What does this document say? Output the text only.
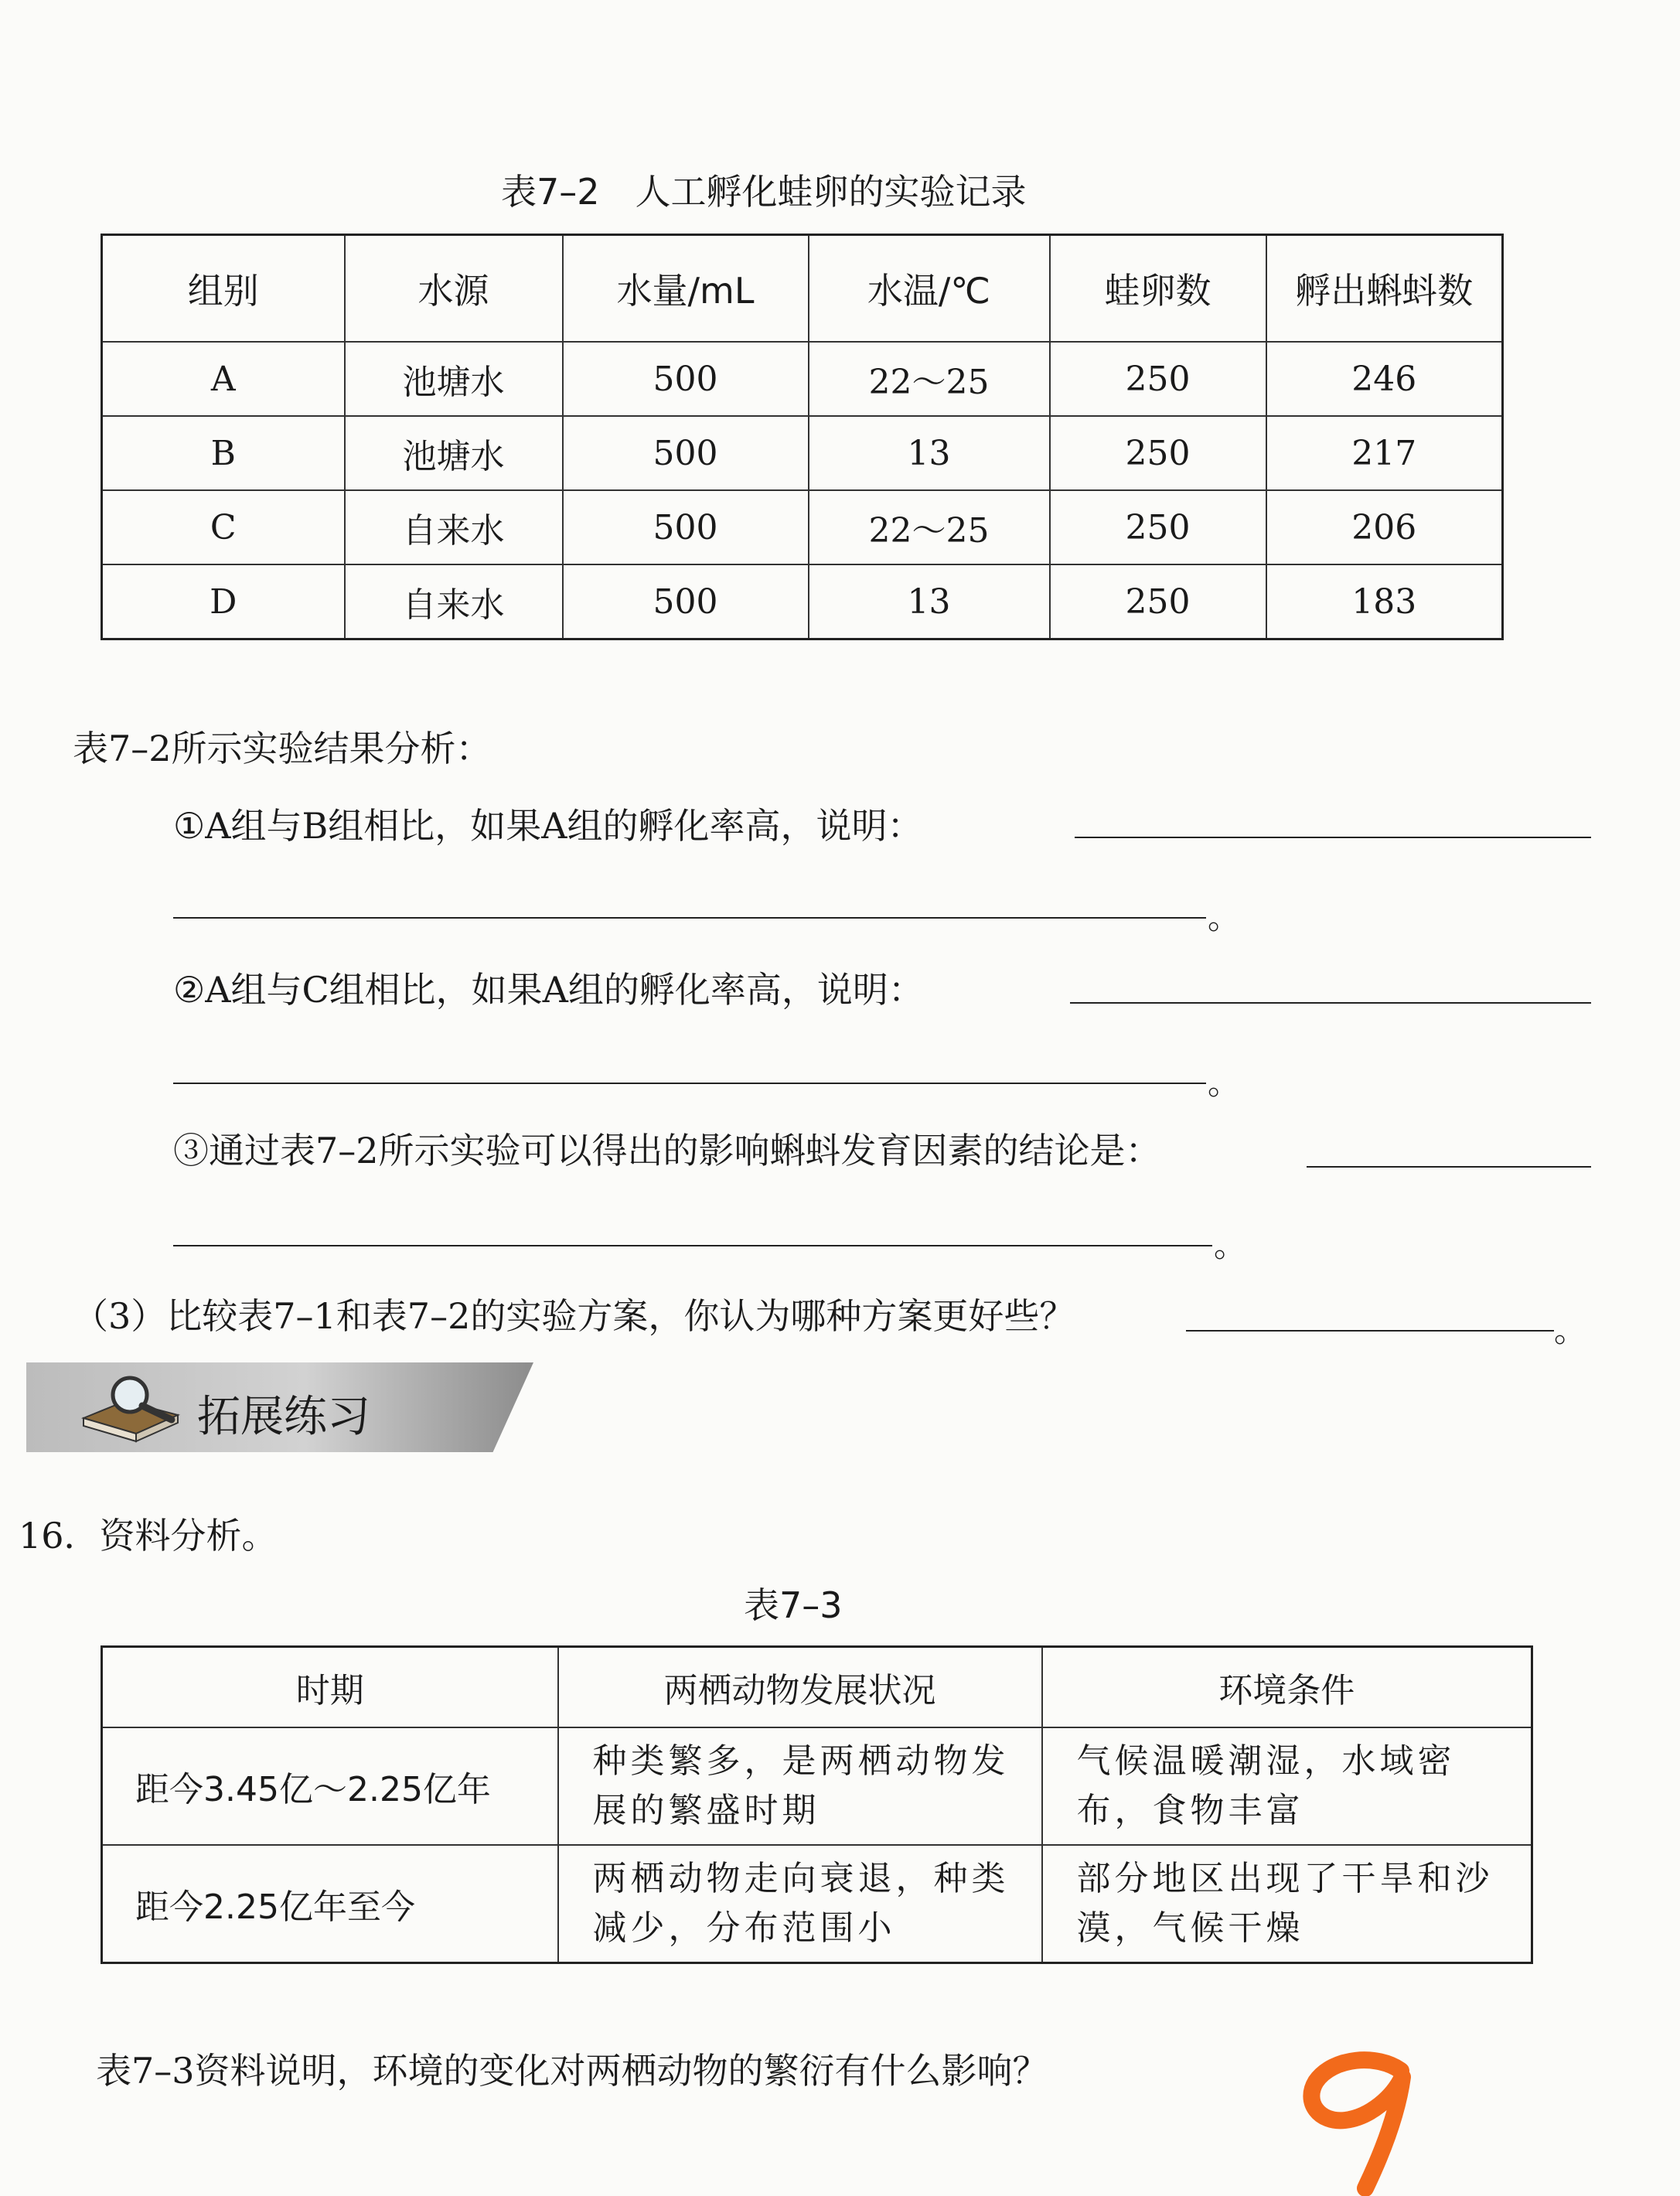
表7–2　人工孵化蛙卵的实验记录
组别	水源	水量/mL	水温/℃	蛙卵数	孵出蝌蚪数
A	池塘水	500	22～25	250	246
B	池塘水	500	13	250	217
C	自来水	500	22～25	250	206
D	自来水	500	13	250	183
表7–2所示实验结果分析：
①A组与B组相比，如果A组的孵化率高，说明：
。
②A组与C组相比，如果A组的孵化率高，说明：
。
③通过表7–2所示实验可以得出的影响蝌蚪发育因素的结论是：
。
（3）比较表7–1和表7–2的实验方案，你认为哪种方案更好些？	。
拓展练习
16．资料分析。
表7–3
时期	两栖动物发展状况	环境条件
距今3.45亿～2.25亿年	种类繁多，是两栖动物发展的繁盛时期	气候温暖潮湿，水域密布，食物丰富
距今2.25亿年至今	两栖动物走向衰退，种类减少，分布范围小	部分地区出现了干旱和沙漠，气候干燥
表7–3资料说明，环境的变化对两栖动物的繁衍有什么影响？
